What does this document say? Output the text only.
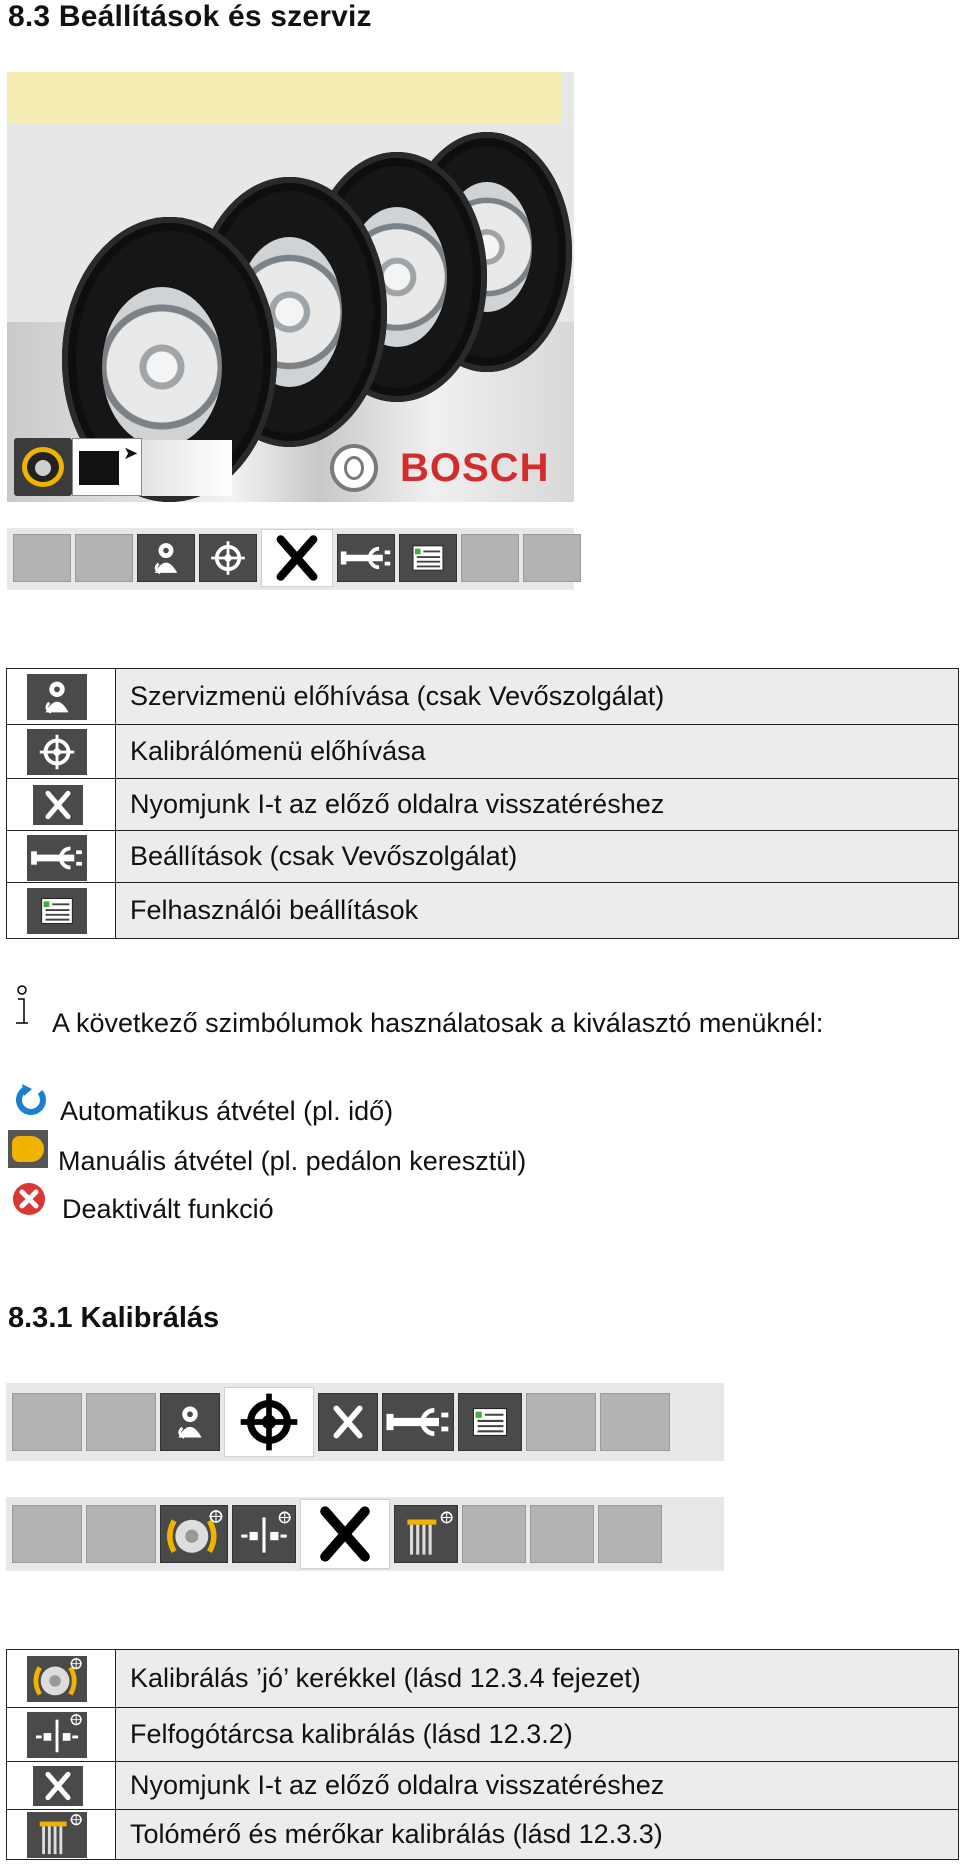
8.3 Beállítások és szerviz
➤	BOSCH
	Szervizmenü előhívása (csak Vevőszolgálat)

	Kalibrálómenü előhívása

	Nyomjunk I-t az előző oldalra visszatéréshez

	Beállítások (csak Vevőszolgálat)

	Felhasználói beállítások
A következő szimbólumok használatosak a kiválasztó menüknél:
Automatikus átvétel (pl. idő)
Manuális átvétel (pl. pedálon keresztül)
Deaktivált funkció
8.3.1 Kalibrálás
	Kalibrálás ’jó’ kerékkel (lásd 12.3.4 fejezet)

	Felfogótárcsa kalibrálás (lásd 12.3.2)

	Nyomjunk I-t az előző oldalra visszatéréshez

	Tolómérő és mérőkar kalibrálás (lásd 12.3.3)
